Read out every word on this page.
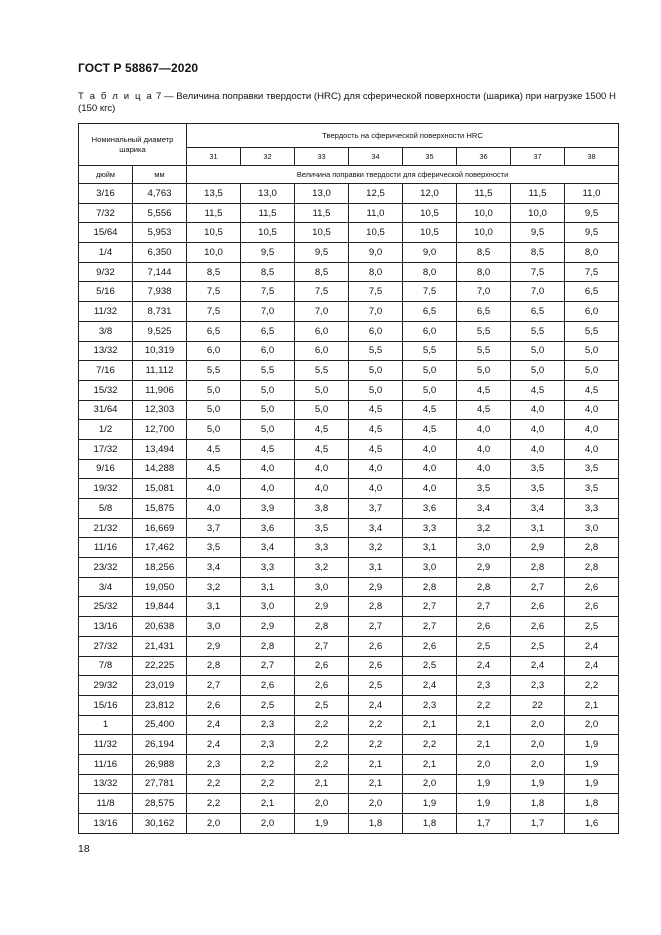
ГОСТ Р 58867—2020
Т а б л и ц а 7 — Величина поправки твердости (HRC) для сферической поверхности (шарика) при нагрузке 1500 Н (150 кгс)
Номинальный диаметр шарика		Твердость на сферической поверхности HRC							
		31	32	33	34	35	36	37	38
дюйм	мм	Величина поправки твердости для сферической поверхности							
3/16	4,763	13,5	13,0	13,0	12,5	12,0	11,5	11,5	11,0
7/32	5,556	11,5	11,5	11,5	11,0	10,5	10,0	10,0	9,5
15/64	5,953	10,5	10,5	10,5	10,5	10,5	10,0	9,5	9,5
1/4	6,350	10,0	9,5	9,5	9,0	9,0	8,5	8,5	8,0
9/32	7,144	8,5	8,5	8,5	8,0	8,0	8,0	7,5	7,5
5/16	7,938	7,5	7,5	7,5	7,5	7,5	7,0	7,0	6,5
11/32	8,731	7,5	7,0	7,0	7,0	6,5	6,5	6,5	6,0
3/8	9,525	6,5	6,5	6,0	6,0	6,0	5,5	5,5	5,5
13/32	10,319	6,0	6,0	6,0	5,5	5,5	5,5	5,0	5,0
7/16	11,112	5,5	5,5	5,5	5,0	5,0	5,0	5,0	5,0
15/32	11,906	5,0	5,0	5,0	5,0	5,0	4,5	4,5	4,5
31/64	12,303	5,0	5,0	5,0	4,5	4,5	4,5	4,0	4,0
1/2	12,700	5,0	5,0	4,5	4,5	4,5	4,0	4,0	4,0
17/32	13,494	4,5	4,5	4,5	4,5	4,0	4,0	4,0	4,0
9/16	14,288	4,5	4,0	4,0	4,0	4,0	4,0	3,5	3,5
19/32	15,081	4,0	4,0	4,0	4,0	4,0	3,5	3,5	3,5
5/8	15,875	4,0	3,9	3,8	3,7	3,6	3,4	3,4	3,3
21/32	16,669	3,7	3,6	3,5	3,4	3,3	3,2	3,1	3,0
11/16	17,462	3,5	3,4	3,3	3,2	3,1	3,0	2,9	2,8
23/32	18,256	3,4	3,3	3,2	3,1	3,0	2,9	2,8	2,8
3/4	19,050	3,2	3,1	3,0	2,9	2,8	2,8	2,7	2,6
25/32	19,844	3,1	3,0	2,9	2,8	2,7	2,7	2,6	2,6
13/16	20,638	3,0	2,9	2,8	2,7	2,7	2,6	2,6	2,5
27/32	21,431	2,9	2,8	2,7	2,6	2,6	2,5	2,5	2,4
7/8	22,225	2,8	2,7	2,6	2,6	2,5	2,4	2,4	2,4
29/32	23,019	2,7	2,6	2,6	2,5	2,4	2,3	2,3	2,2
15/16	23,812	2,6	2,5	2,5	2,4	2,3	2,2	22	2,1
1	25,400	2,4	2,3	2,2	2,2	2,1	2,1	2,0	2,0
11/32	26,194	2,4	2,3	2,2	2,2	2,2	2,1	2,0	1,9
11/16	26,988	2,3	2,2	2,2	2,1	2,1	2,0	2,0	1,9
13/32	27,781	2,2	2,2	2,1	2,1	2,0	1,9	1,9	1,9
11/8	28,575	2,2	2,1	2,0	2,0	1,9	1,9	1,8	1,8
13/16	30,162	2,0	2,0	1,9	1,8	1,8	1,7	1,7	1,6
18
